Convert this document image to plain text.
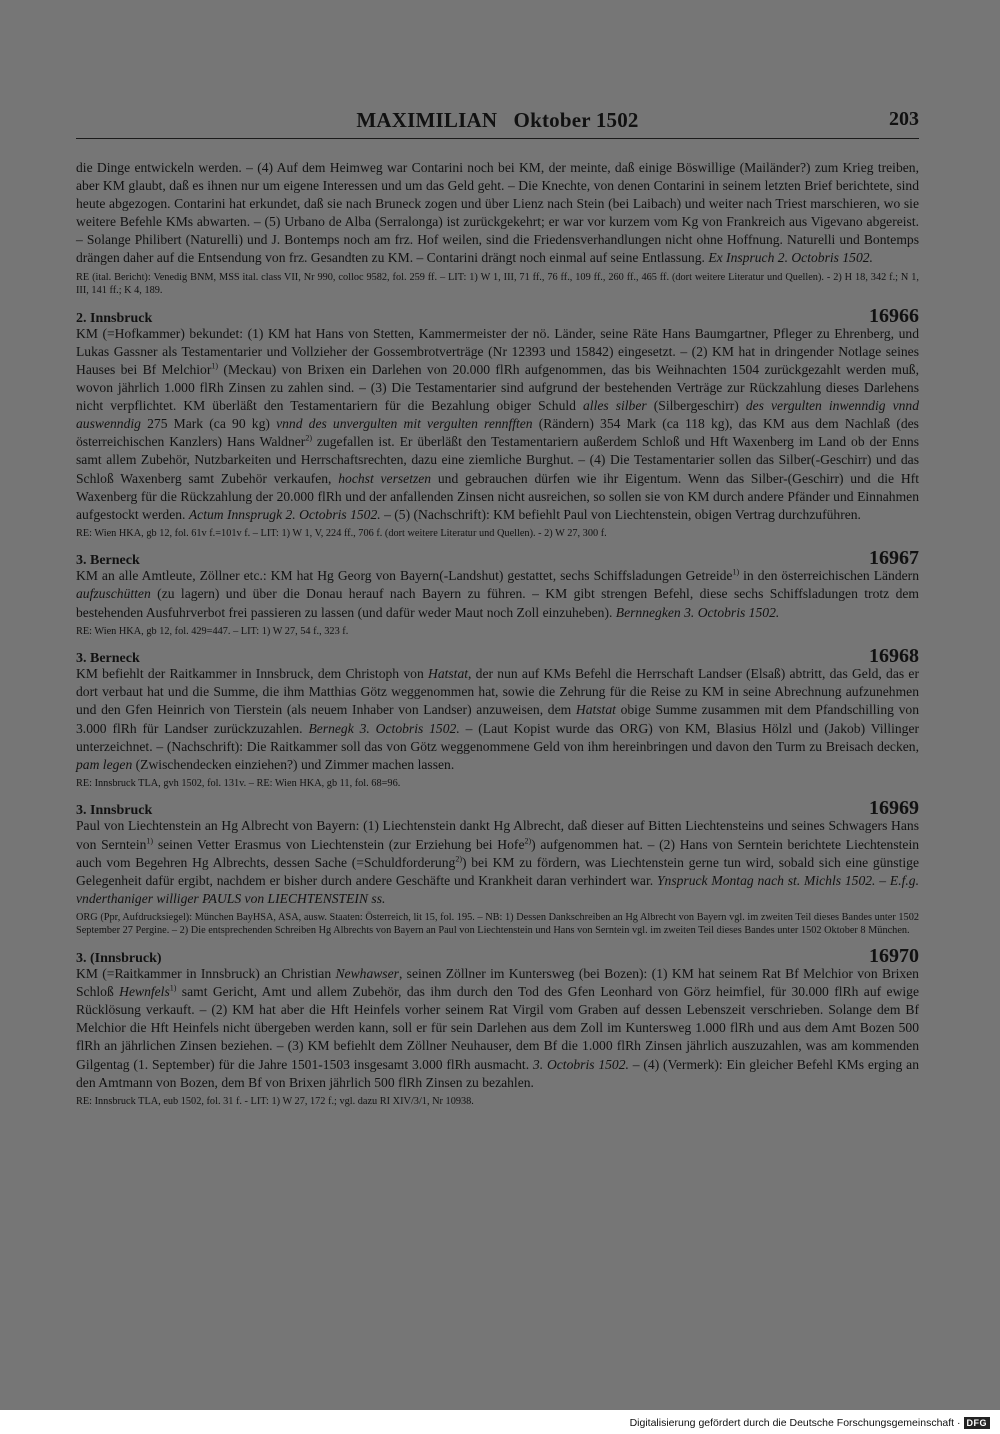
MAXIMILIAN   Oktober 1502	203

die Dinge entwickeln werden. – (4) Auf dem Heimweg war Contarini noch bei KM, der meinte, daß einige Böswillige (Mailänder?) zum Krieg treiben, aber KM glaubt, daß es ihnen nur um eigene Interessen und um das Geld geht. – Die Knechte, von denen Contarini in seinem letzten Brief berichtete, sind heute abgezogen. Contarini hat erkundet, daß sie nach Bruneck zogen und über Lienz nach Stein (bei Laibach) und weiter nach Triest marschieren, wo sie weitere Befehle KMs abwarten. – (5) Urbano de Alba (Serralonga) ist zurückgekehrt; er war vor kurzem vom Kg von Frankreich aus Vigevano abgereist. – Solange Philibert (Naturelli) und J. Bontemps noch am frz. Hof weilen, sind die Friedensverhandlungen nicht ohne Hoffnung. Naturelli und Bontemps drängen daher auf die Entsendung von frz. Gesandten zu KM. – Contarini drängt noch einmal auf seine Entlassung. Ex Inspruch 2. Octobris 1502.

RE (ital. Bericht): Venedig BNM, MSS ital. class VII, Nr 990, colloc 9582, fol. 259 ff. – LIT: 1) W 1, III, 71 ff., 76 ff., 109 ff., 260 ff., 465 ff. (dort weitere Literatur und Quellen). - 2) H 18, 342 f.; N 1, III, 141 ff.; K 4, 189.

2. Innsbruck	16966

KM (=Hofkammer) bekundet: (1) KM hat Hans von Stetten, Kammermeister der nö. Länder, seine Räte Hans Baumgartner, Pfleger zu Ehrenberg, und Lukas Gassner als Testamentarier und Vollzieher der Gossembrotverträge (Nr 12393 und 15842) eingesetzt. – (2) KM hat in dringender Notlage seines Hauses bei Bf Melchior$^{1)}$ (Meckau) von Brixen ein Darlehen von 20.000 flRh aufgenommen, das bis Weihnachten 1504 zurückgezahlt werden muß, wovon jährlich 1.000 flRh Zinsen zu zahlen sind. – (3) Die Testamentarier sind aufgrund der bestehenden Verträge zur Rückzahlung dieses Darlehens nicht verpflichtet. KM überläßt den Testamentariern für die Bezahlung obiger Schuld alles silber (Silbergeschirr) des vergulten inwenndig vnnd auswenndig 275 Mark (ca 90 kg) vnnd des unvergulten mit vergulten rennfften (Rändern) 354 Mark (ca 118 kg), das KM aus dem Nachlaß (des österreichischen Kanzlers) Hans Waldner$^{2)}$ zugefallen ist. Er überläßt den Testamentariern außerdem Schloß und Hft Waxenberg im Land ob der Enns samt allem Zubehör, Nutzbarkeiten und Herrschaftsrechten, dazu eine ziemliche Burghut. – (4) Die Testamentarier sollen das Silber(-Geschirr) und das Schloß Waxenberg samt Zubehör verkaufen, hochst versetzen und gebrauchen dürfen wie ihr Eigentum. Wenn das Silber-(Geschirr) und die Hft Waxenberg für die Rückzahlung der 20.000 flRh und der anfallenden Zinsen nicht ausreichen, so sollen sie von KM durch andere Pfänder und Einnahmen aufgestockt werden. Actum Innsprugk 2. Octobris 1502. – (5) (Nachschrift): KM befiehlt Paul von Liechtenstein, obigen Vertrag durchzuführen.

RE: Wien HKA, gb 12, fol. 61v f.=101v f. – LIT: 1) W 1, V, 224 ff., 706 f. (dort weitere Literatur und Quellen). - 2) W 27, 300 f.

3. Berneck	16967

KM an alle Amtleute, Zöllner etc.: KM hat Hg Georg von Bayern(-Landshut) gestattet, sechs Schiffsladungen Getreide$^{1)}$ in den österreichischen Ländern aufzuschütten (zu lagern) und über die Donau herauf nach Bayern zu führen. – KM gibt strengen Befehl, diese sechs Schiffsladungen trotz dem bestehenden Ausfuhrverbot frei passieren zu lassen (und dafür weder Maut noch Zoll einzuheben). Bernnegken 3. Octobris 1502.

RE: Wien HKA, gb 12, fol. 429=447. – LIT: 1) W 27, 54 f., 323 f.

3. Berneck	16968

KM befiehlt der Raitkammer in Innsbruck, dem Christoph von Hatstat, der nun auf KMs Befehl die Herrschaft Landser (Elsaß) abtritt, das Geld, das er dort verbaut hat und die Summe, die ihm Matthias Götz weggenommen hat, sowie die Zehrung für die Reise zu KM in seine Abrechnung aufzunehmen und den Gfen Heinrich von Tierstein (als neuem Inhaber von Landser) anzuweisen, dem Hatstat obige Summe zusammen mit dem Pfandschilling von 3.000 flRh für Landser zurückzuzahlen. Bernegk 3. Octobris 1502. – (Laut Kopist wurde das ORG) von KM, Blasius Hölzl und (Jakob) Villinger unterzeichnet. – (Nachschrift): Die Raitkammer soll das von Götz weggenommene Geld von ihm hereinbringen und davon den Turm zu Breisach decken, pam legen (Zwischendecken einziehen?) und Zimmer machen lassen.

RE: Innsbruck TLA, gvh 1502, fol. 131v. – RE: Wien HKA, gb 11, fol. 68=96.

3. Innsbruck	16969

Paul von Liechtenstein an Hg Albrecht von Bayern: (1) Liechtenstein dankt Hg Albrecht, daß dieser auf Bitten Liechtensteins und seines Schwagers Hans von Serntein$^{1)}$ seinen Vetter Erasmus von Liechtenstein (zur Erziehung bei Hofe$^{2)}$) aufgenommen hat. – (2) Hans von Serntein berichtete Liechtenstein auch vom Begehren Hg Albrechts, dessen Sache (=Schuldforderung$^{2)}$) bei KM zu fördern, was Liechtenstein gerne tun wird, sobald sich eine günstige Gelegenheit dafür ergibt, nachdem er bisher durch andere Geschäfte und Krankheit daran verhindert war. Ynspruck Montag nach st. Michls 1502. – E.f.g. vnderthaniger williger PAULS von LIECHTENSTEIN ss.

ORG (Ppr, Aufdrucksiegel): München BayHSA, ASA, ausw. Staaten: Österreich, lit 15, fol. 195. – NB: 1) Dessen Dankschreiben an Hg Albrecht von Bayern vgl. im zweiten Teil dieses Bandes unter 1502 September 27 Pergine. – 2) Die entsprechenden Schreiben Hg Albrechts von Bayern an Paul von Liechtenstein und Hans von Serntein vgl. im zweiten Teil dieses Bandes unter 1502 Oktober 8 München.

3. (Innsbruck)	16970

KM (=Raitkammer in Innsbruck) an Christian Newhawser, seinen Zöllner im Kuntersweg (bei Bozen): (1) KM hat seinem Rat Bf Melchior von Brixen Schloß Hewnfels$^{1)}$ samt Gericht, Amt und allem Zubehör, das ihm durch den Tod des Gfen Leonhard von Görz heimfiel, für 30.000 flRh auf ewige Rücklösung verkauft. – (2) KM hat aber die Hft Heinfels vorher seinem Rat Virgil vom Graben auf dessen Lebenszeit verschrieben. Solange dem Bf Melchior die Hft Heinfels nicht übergeben werden kann, soll er für sein Darlehen aus dem Zoll im Kuntersweg 1.000 flRh und aus dem Amt Bozen 500 flRh an jährlichen Zinsen beziehen. – (3) KM befiehlt dem Zöllner Neuhauser, dem Bf die 1.000 flRh Zinsen jährlich auszuzahlen, was am kommenden Gilgentag (1. September) für die Jahre 1501-1503 insgesamt 3.000 flRh ausmacht. 3. Octobris 1502. – (4) (Vermerk): Ein gleicher Befehl KMs erging an den Amtmann von Bozen, dem Bf von Brixen jährlich 500 flRh Zinsen zu bezahlen.

RE: Innsbruck TLA, eub 1502, fol. 31 f. - LIT: 1) W 27, 172 f.; vgl. dazu RI XIV/3/1, Nr 10938.

Digitalisierung gefördert durch die Deutsche Forschungsgemeinschaft · DFG
